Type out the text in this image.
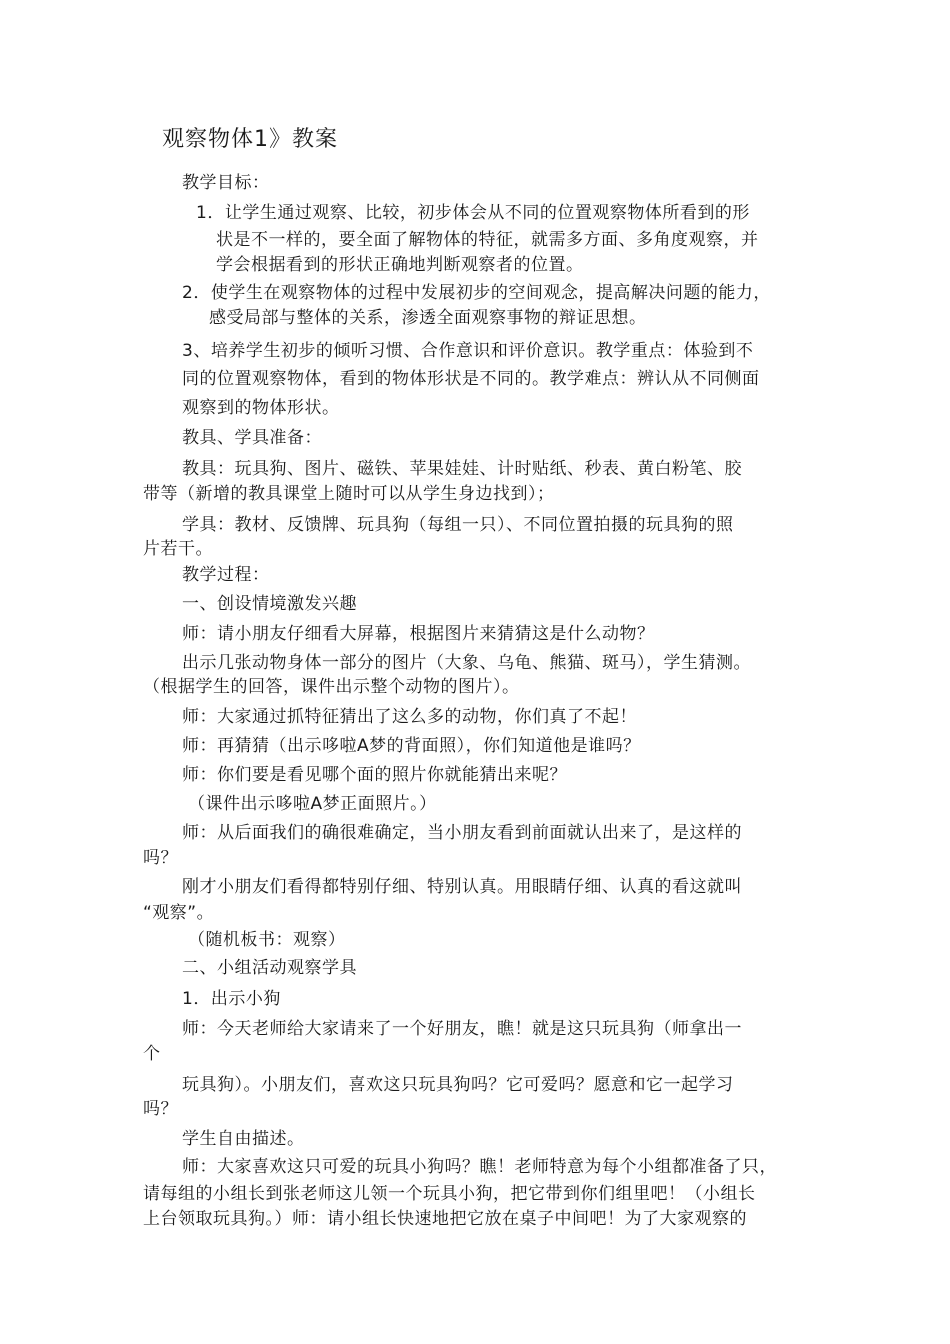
观察物体1》教案
教学目标：
1．让学生通过观察、比较，初步体会从不同的位置观察物体所看到的形
状是不一样的，要全面了解物体的特征，就需多方面、多角度观察，并
学会根据看到的形状正确地判断观察者的位置。
2．使学生在观察物体的过程中发展初步的空间观念，提高解决问题的能力，
感受局部与整体的关系，渗透全面观察事物的辩证思想。
3、培养学生初步的倾听习惯、合作意识和评价意识。教学重点：体验到不
同的位置观察物体，看到的物体形状是不同的。教学难点：辨认从不同侧面
观察到的物体形状。
教具、学具准备：
教具：玩具狗、图片、磁铁、苹果娃娃、计时贴纸、秒表、黄白粉笔、胶
带等（新增的教具课堂上随时可以从学生身边找到）；
学具：教材、反馈牌、玩具狗（每组一只）、不同位置拍摄的玩具狗的照
片若干。
教学过程：
一、创设情境激发兴趣
师：请小朋友仔细看大屏幕，根据图片来猜猜这是什么动物？
出示几张动物身体一部分的图片（大象、乌龟、熊猫、斑马），学生猜测。
（根据学生的回答，课件出示整个动物的图片）。
师：大家通过抓特征猜出了这么多的动物，你们真了不起！
师：再猜猜（出示哆啦A梦的背面照），你们知道他是谁吗？
师：你们要是看见哪个面的照片你就能猜出来呢？
（课件出示哆啦A梦正面照片。）
师：从后面我们的确很难确定，当小朋友看到前面就认出来了，是这样的
吗？
刚才小朋友们看得都特别仔细、特别认真。用眼睛仔细、认真的看这就叫
“观察”。
（随机板书：观察）
二、小组活动观察学具
1．出示小狗
师：今天老师给大家请来了一个好朋友，瞧！就是这只玩具狗（师拿出一
个
玩具狗）。小朋友们，喜欢这只玩具狗吗？它可爱吗？愿意和它一起学习
吗？
学生自由描述。
师：大家喜欢这只可爱的玩具小狗吗？瞧！老师特意为每个小组都准备了只，
请每组的小组长到张老师这儿领一个玩具小狗，把它带到你们组里吧！（小组长
上台领取玩具狗。）师：请小组长快速地把它放在桌子中间吧！为了大家观察的
